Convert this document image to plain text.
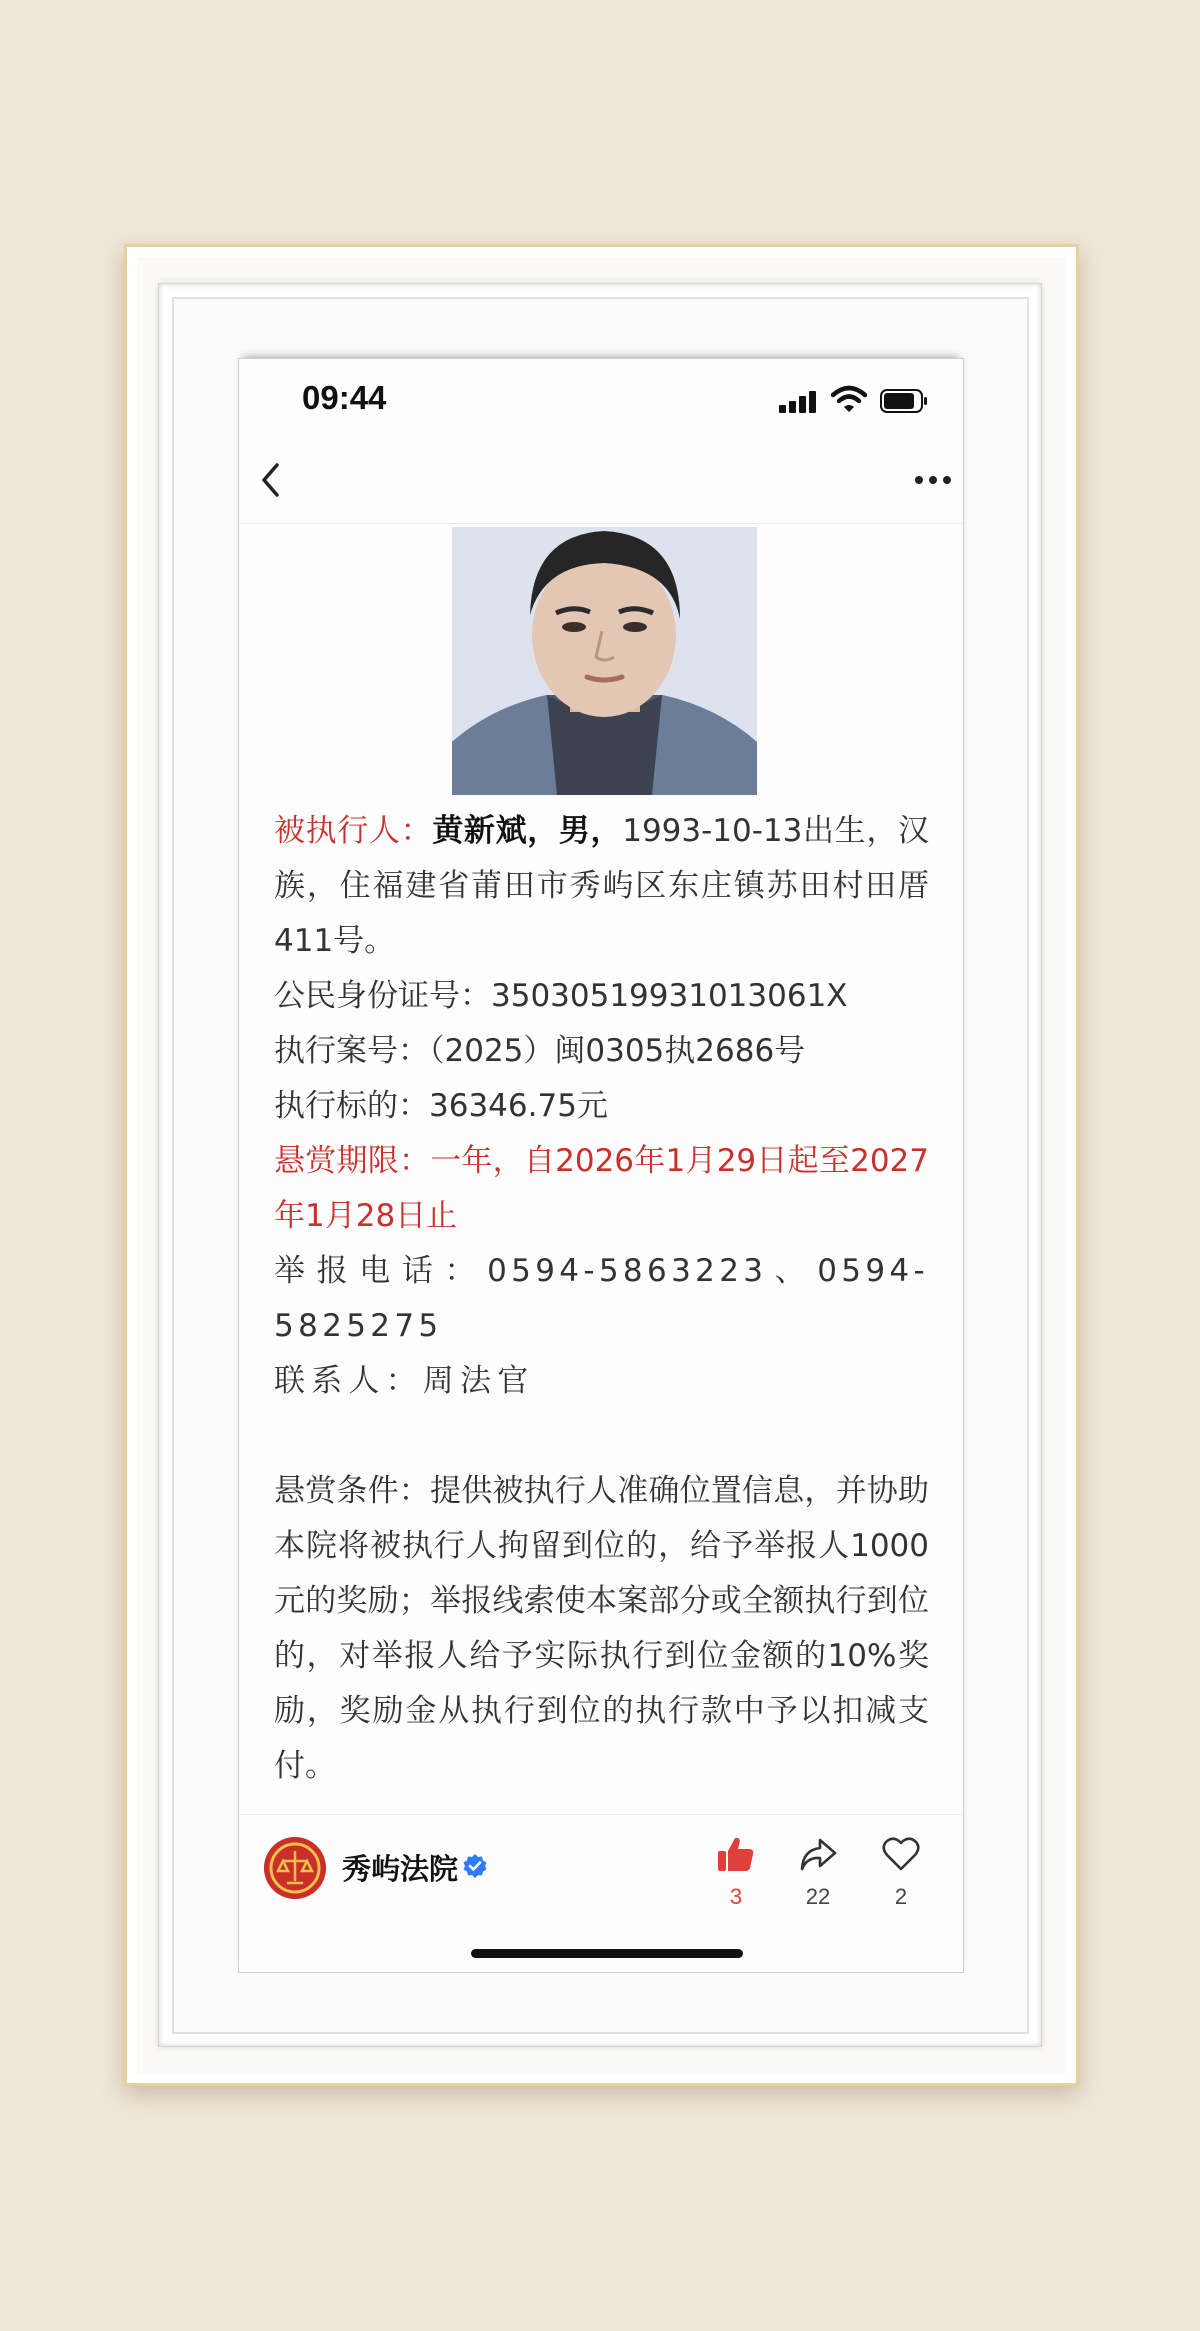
09:44

被执行人：黄新斌，男，1993-10-13出生，汉族，住福建省莆田市秀屿区东庄镇苏田村田厝411号。

公民身份证号：35030519931013061X

执行案号：（2025）闽0305执2686号

执行标的：36346.75元

悬赏期限：一年，自2026年1月29日起至2027年1月28日止

举报电话：0594-5863223、0594-5825275

联系人：周法官

悬赏条件：提供被执行人准确位置信息，并协助本院将被执行人拘留到位的，给予举报人1000元的奖励；举报线索使本案部分或全额执行到位的，对举报人给予实际执行到位金额的10%奖励，奖励金从执行到位的执行款中予以扣减支付。

秀屿法院
3	22	2
